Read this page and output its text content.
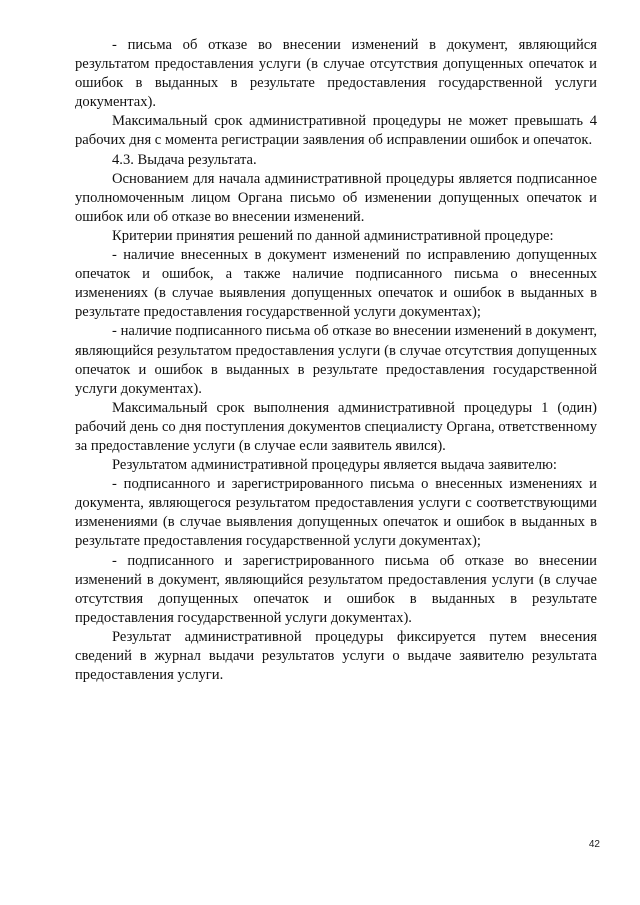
- письма об отказе во внесении изменений в документ, являющийся результатом предоставления услуги (в случае отсутствия допущенных опечаток и ошибок в выданных в результате предоставления государственной услуги документах).

Максимальный срок административной процедуры не может превышать 4 рабочих дня с момента регистрации заявления об исправлении ошибок и опечаток.

4.3. Выдача результата.

Основанием для начала административной процедуры является подписанное уполномоченным лицом Органа письмо об изменении допущенных опечаток и ошибок или об отказе во внесении изменений.

Критерии принятия решений по данной административной процедуре:

- наличие внесенных в документ изменений по исправлению допущенных опечаток и ошибок, а также наличие подписанного письма о внесенных изменениях (в случае выявления допущенных опечаток и ошибок в выданных в результате предоставления государственной услуги документах);

- наличие подписанного письма об отказе во внесении изменений в документ, являющийся результатом предоставления услуги (в случае отсутствия допущенных опечаток и ошибок в выданных в результате предоставления государственной услуги документах).

Максимальный срок выполнения административной процедуры 1 (один) рабочий день со дня поступления документов специалисту Органа, ответственному за предоставление услуги (в случае если заявитель явился).

Результатом административной процедуры является выдача заявителю:

- подписанного и зарегистрированного письма о внесенных изменениях и документа, являющегося результатом предоставления услуги с соответствующими изменениями (в случае выявления допущенных опечаток и ошибок в выданных в результате предоставления государственной услуги документах);

- подписанного и зарегистрированного письма об отказе во внесении изменений в документ, являющийся результатом предоставления услуги (в случае отсутствия допущенных опечаток и ошибок в выданных в результате предоставления государственной услуги документах).

Результат административной процедуры фиксируется путем внесения сведений в журнал выдачи результатов услуги о выдаче заявителю результата предоставления услуги.

42
